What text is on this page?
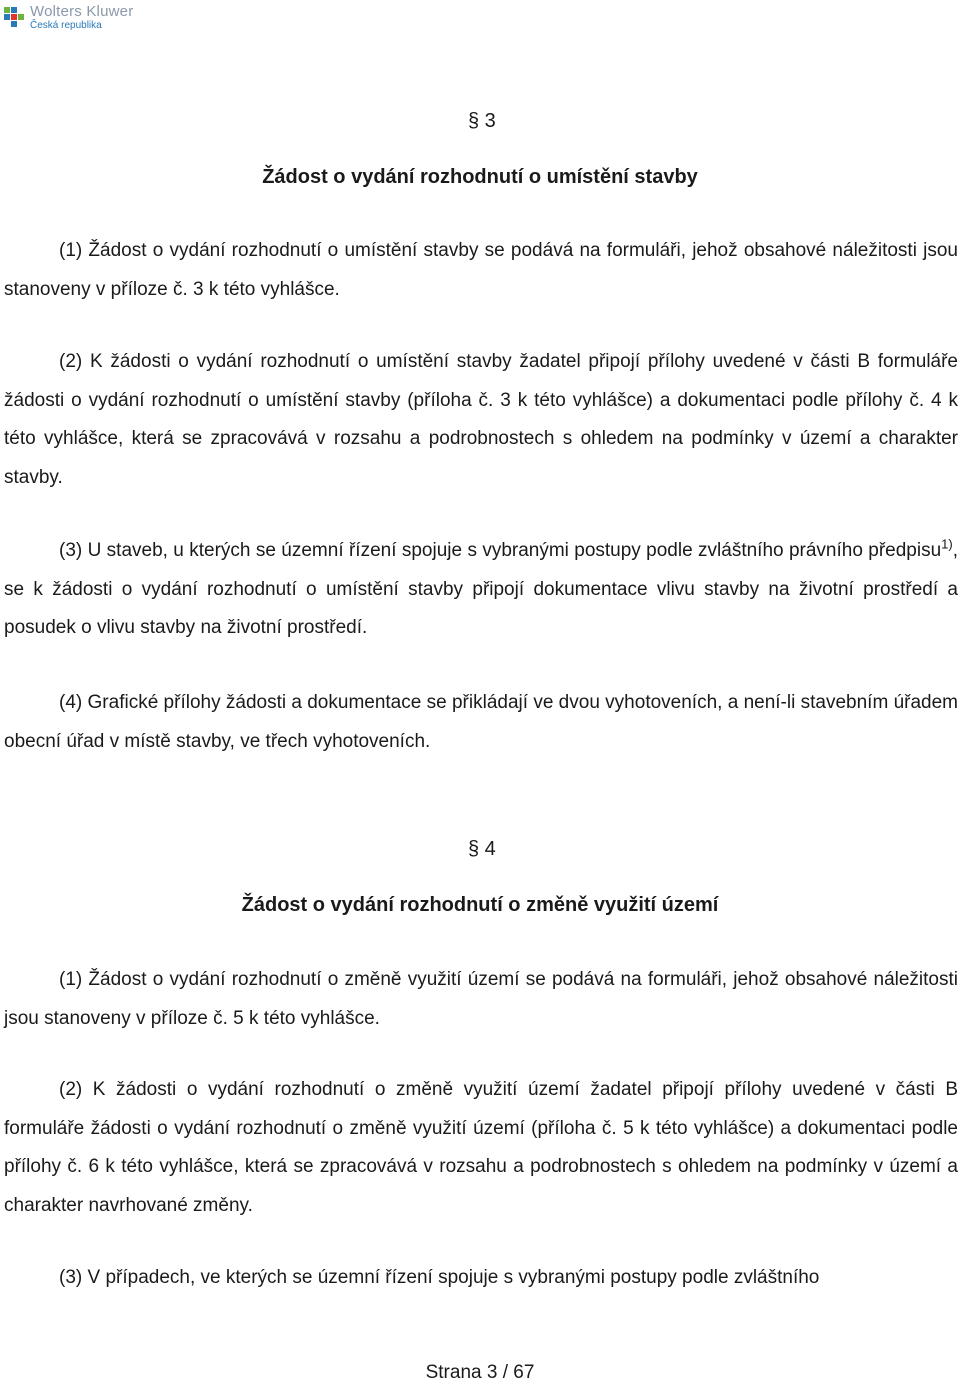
Wolters Kluwer
Česká republika
§ 3
Žádost o vydání rozhodnutí o umístění stavby

(1) Žádost o vydání rozhodnutí o umístění stavby se podává na formuláři, jehož obsahové náležitosti jsou stanoveny v příloze č. 3 k této vyhlášce.

(2) K žádosti o vydání rozhodnutí o umístění stavby žadatel připojí přílohy uvedené v části B formuláře žádosti o vydání rozhodnutí o umístění stavby (příloha č. 3 k této vyhlášce) a dokumentaci podle přílohy č. 4 k této vyhlášce, která se zpracovává v rozsahu a podrobnostech s ohledem na podmínky v území a charakter stavby.

(3) U staveb, u kterých se územní řízení spojuje s vybranými postupy podle zvláštního právního předpisu$^{1)}$, se k žádosti o vydání rozhodnutí o umístění stavby připojí dokumentace vlivu stavby na životní prostředí a posudek o vlivu stavby na životní prostředí.

(4) Grafické přílohy žádosti a dokumentace se přikládají ve dvou vyhotoveních, a není-li stavebním úřadem obecní úřad v místě stavby, ve třech vyhotoveních.

§ 4
Žádost o vydání rozhodnutí o změně využití území

(1) Žádost o vydání rozhodnutí o změně využití území se podává na formuláři, jehož obsahové náležitosti jsou stanoveny v příloze č. 5 k této vyhlášce.

(2) K žádosti o vydání rozhodnutí o změně využití území žadatel připojí přílohy uvedené v části B formuláře žádosti o vydání rozhodnutí o změně využití území (příloha č. 5 k této vyhlášce) a dokumentaci podle přílohy č. 6 k této vyhlášce, která se zpracovává v rozsahu a podrobnostech s ohledem na podmínky v území a charakter navrhované změny.

(3) V případech, ve kterých se územní řízení spojuje s vybranými postupy podle zvláštního

Strana 3 / 67
